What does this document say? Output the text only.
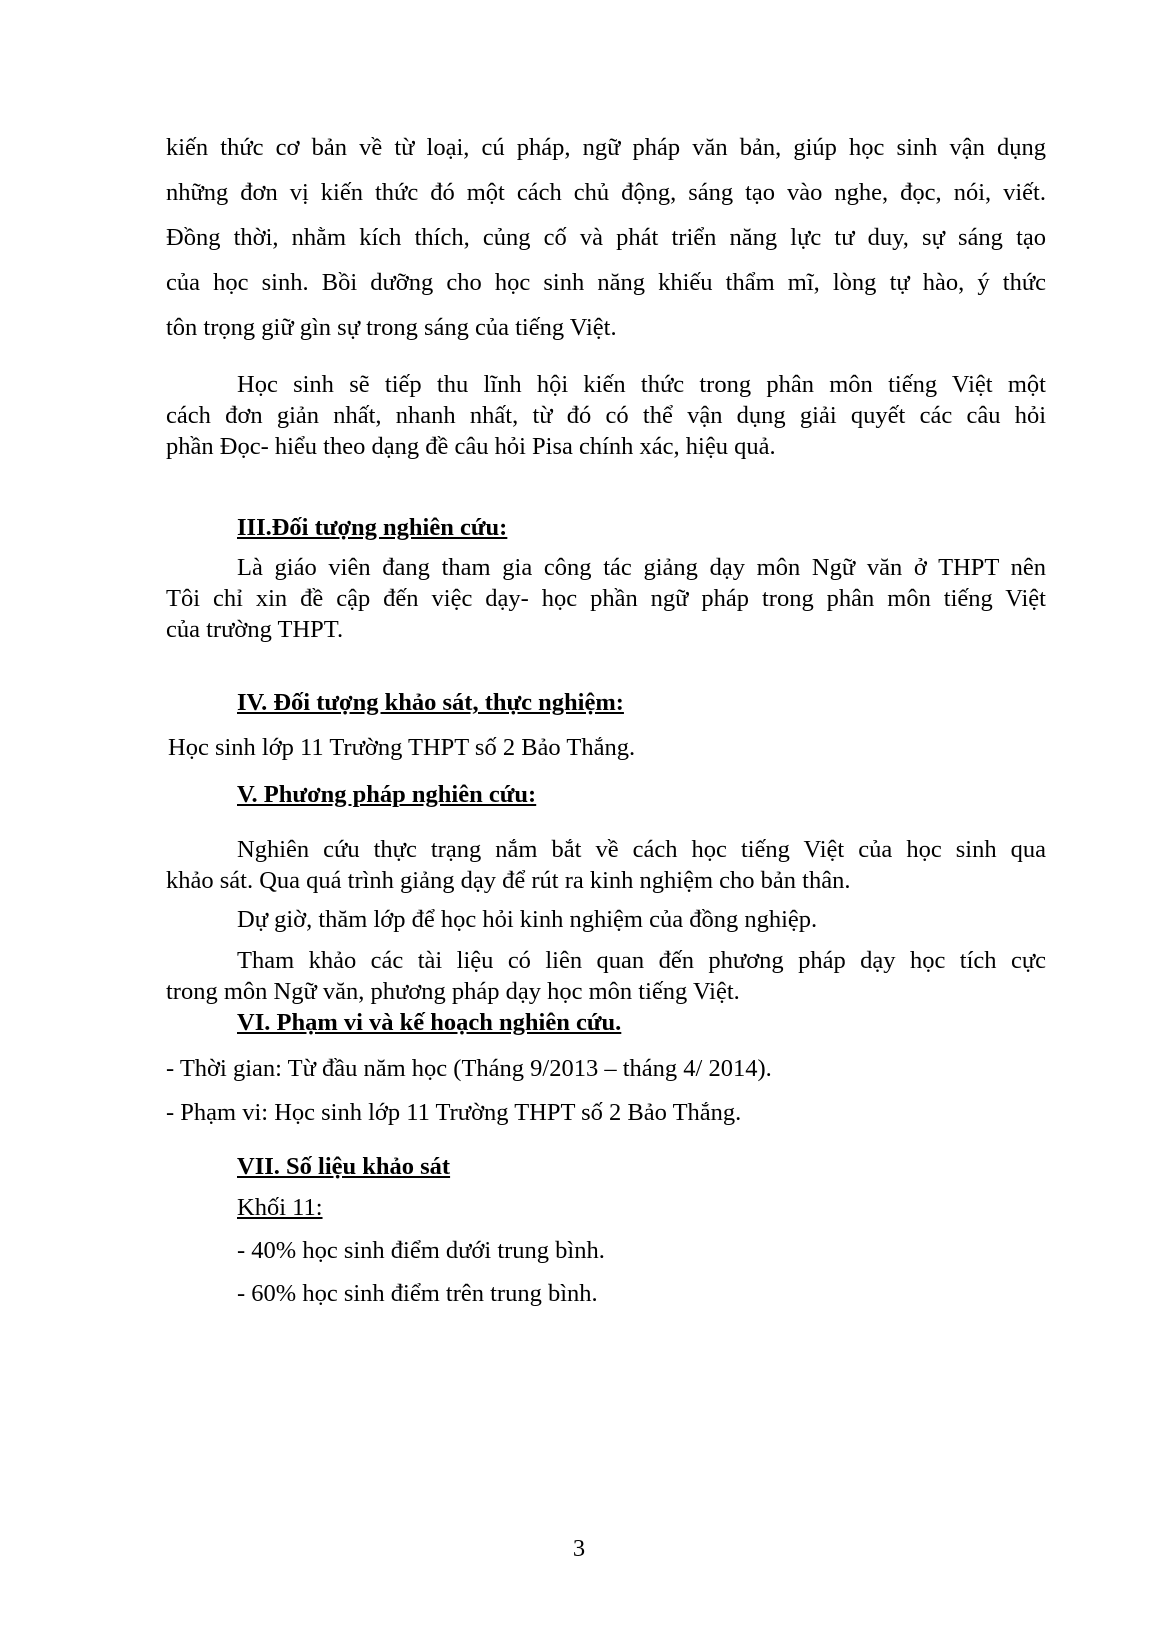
kiến thức cơ bản về từ loại, cú pháp, ngữ pháp văn bản, giúp học sinh vận dụng
những đơn vị kiến thức đó một cách chủ động, sáng tạo vào nghe, đọc, nói, viết.
Đồng thời, nhằm kích thích, củng cố và phát triển năng lực tư duy, sự sáng tạo
của học sinh. Bồi dưỡng cho học sinh năng khiếu thẩm mĩ, lòng tự hào, ý thức
tôn trọng giữ gìn sự trong sáng của tiếng Việt.
Học sinh sẽ tiếp thu lĩnh hội kiến thức trong phân môn tiếng Việt một
cách đơn giản nhất, nhanh nhất, từ đó có thể vận dụng giải quyết các câu hỏi
phần Đọc- hiểu theo dạng đề câu hỏi Pisa chính xác, hiệu quả.
III.Đối tượng nghiên cứu:
Là giáo viên đang tham gia công tác giảng dạy môn Ngữ văn ở THPT nên
Tôi chỉ xin đề cập đến việc dạy- học phần ngữ pháp trong phân môn tiếng Việt
của trường THPT.
IV. Đối tượng khảo sát, thực nghiệm:
Học sinh lớp 11 Trường THPT số 2 Bảo Thắng.
V. Phương pháp nghiên cứu:
Nghiên cứu thực trạng nắm bắt về cách học tiếng Việt của học sinh qua
khảo sát. Qua quá trình giảng dạy để rút ra kinh nghiệm cho bản thân.
Dự giờ, thăm lớp để học hỏi kinh nghiệm của đồng nghiệp.
Tham khảo các tài liệu có liên quan đến phương pháp dạy học tích cực
trong môn Ngữ văn, phương pháp dạy học môn tiếng Việt.
VI. Phạm vi và kế hoạch nghiên cứu.
- Thời gian: Từ đầu năm học (Tháng 9/2013 – tháng 4/ 2014).
- Phạm vi: Học sinh lớp 11 Trường THPT số 2 Bảo Thắng.
VII. Số liệu khảo sát
Khối 11:
- 40% học sinh điểm dưới trung bình.
- 60% học sinh điểm trên trung bình.
3
